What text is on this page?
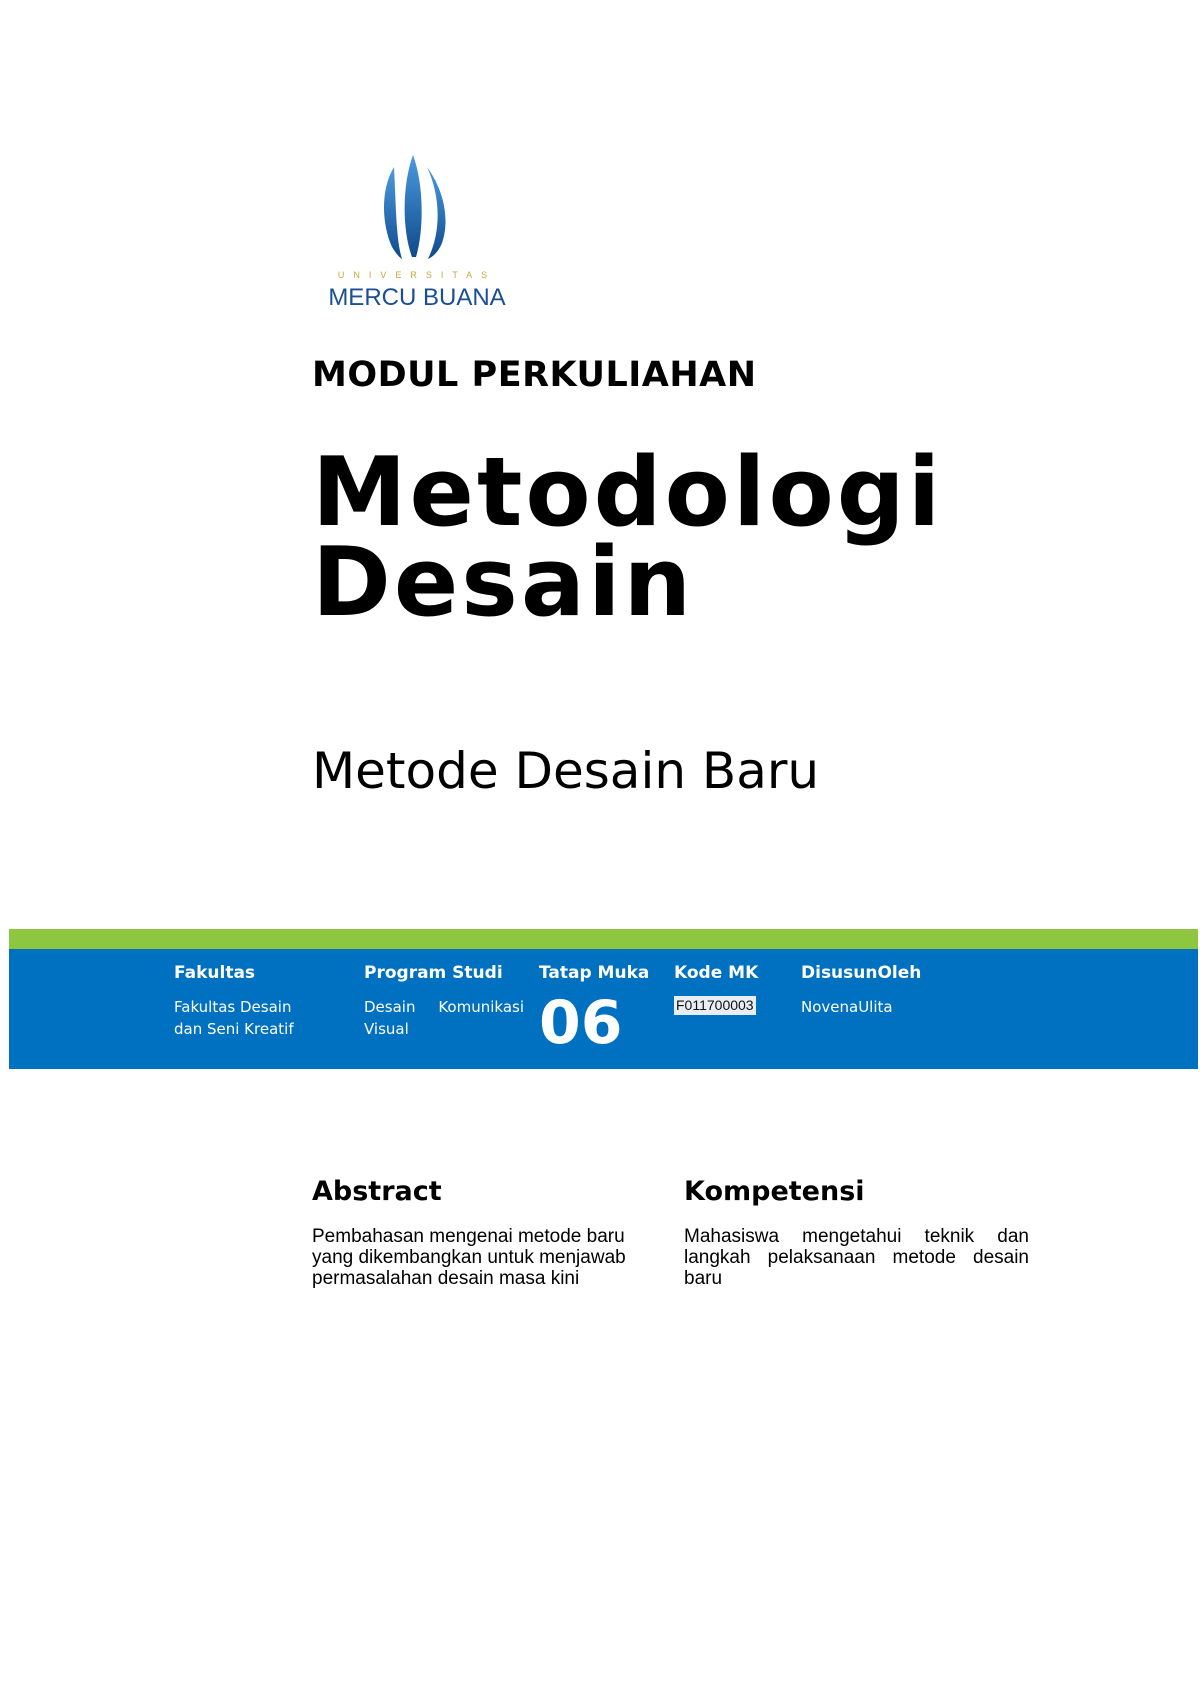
UNIVERSITAS
MERCU BUANA
MODUL PERKULIAHAN
Metodologi
Desain
Metode Desain Baru
Fakultas
Fakultas Desain dan Seni Kreatif
Program Studi
Desain Komunikasi Visual
Tatap Muka
06
Kode MK
F011700003
DisusunOleh
NovenaUlita
Abstract
Pembahasan mengenai metode baru yang dikembangkan untuk menjawab permasalahan desain masa kini
Kompetensi
Mahasiswa mengetahui teknik dan langkah pelaksanaan metode desain baru
